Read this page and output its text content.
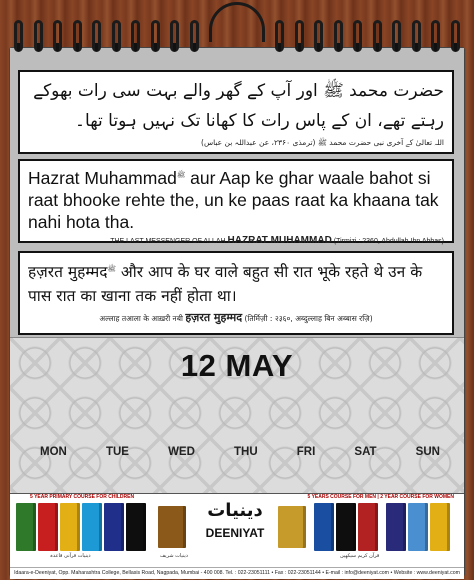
حضرت محمد ﷺ اور آپ کے گھر والے بہت سی رات بھوکے رہتے تھے، ان کے پاس رات کا کھانا تک نہیں ہوتا تھا۔
اللہ تعالیٰ کے آخری نبی حضرت محمد ﷺ (ترمذی ۲۳۶۰، عن عبداللہ بن عباس)
Hazrat Muhammadﷺ aur Aap ke ghar waale bahot si raat bhooke rehte the, un ke paas raat ka khaana tak nahi hota tha.
THE LAST MESSENGER OF ALLAH HAZRAT MUHAMMAD (Tirmizi : 2360, Abdullah Ibn Abbas)
हज़रत मुहम्मदﷺ और आप के घर वाले बहुत सी रात भूके रहते थे उन के पास रात का खाना तक नहीं होता था।
अल्लाह तआला के आख़री नबी हज़रत मुहम्मद (तिर्मिज़ी : २३६०, अब्दुल्लाह बिन अब्बास रज़ि)
12 MAY
MON	TUE	WED	THU	FRI	SAT	SUN
5 YEAR PRIMARY COURSE FOR CHILDREN	5 YEARS COURSE FOR MEN | 2 YEAR COURSE FOR WOMEN
دینیات
DEENIYAT
دینیات قرآنی قاعدہ	دینیات شریف	قرآن کریم سیکھیں
Idaara-e-Deeniyat, Opp. Maharashtra College, Bellasis Road, Nagpada, Mumbai - 400 008. Tel. : 022-23051111 • Fax : 022-23051144 • E-mail : info@deeniyat.com • Website : www.deeniyat.com
